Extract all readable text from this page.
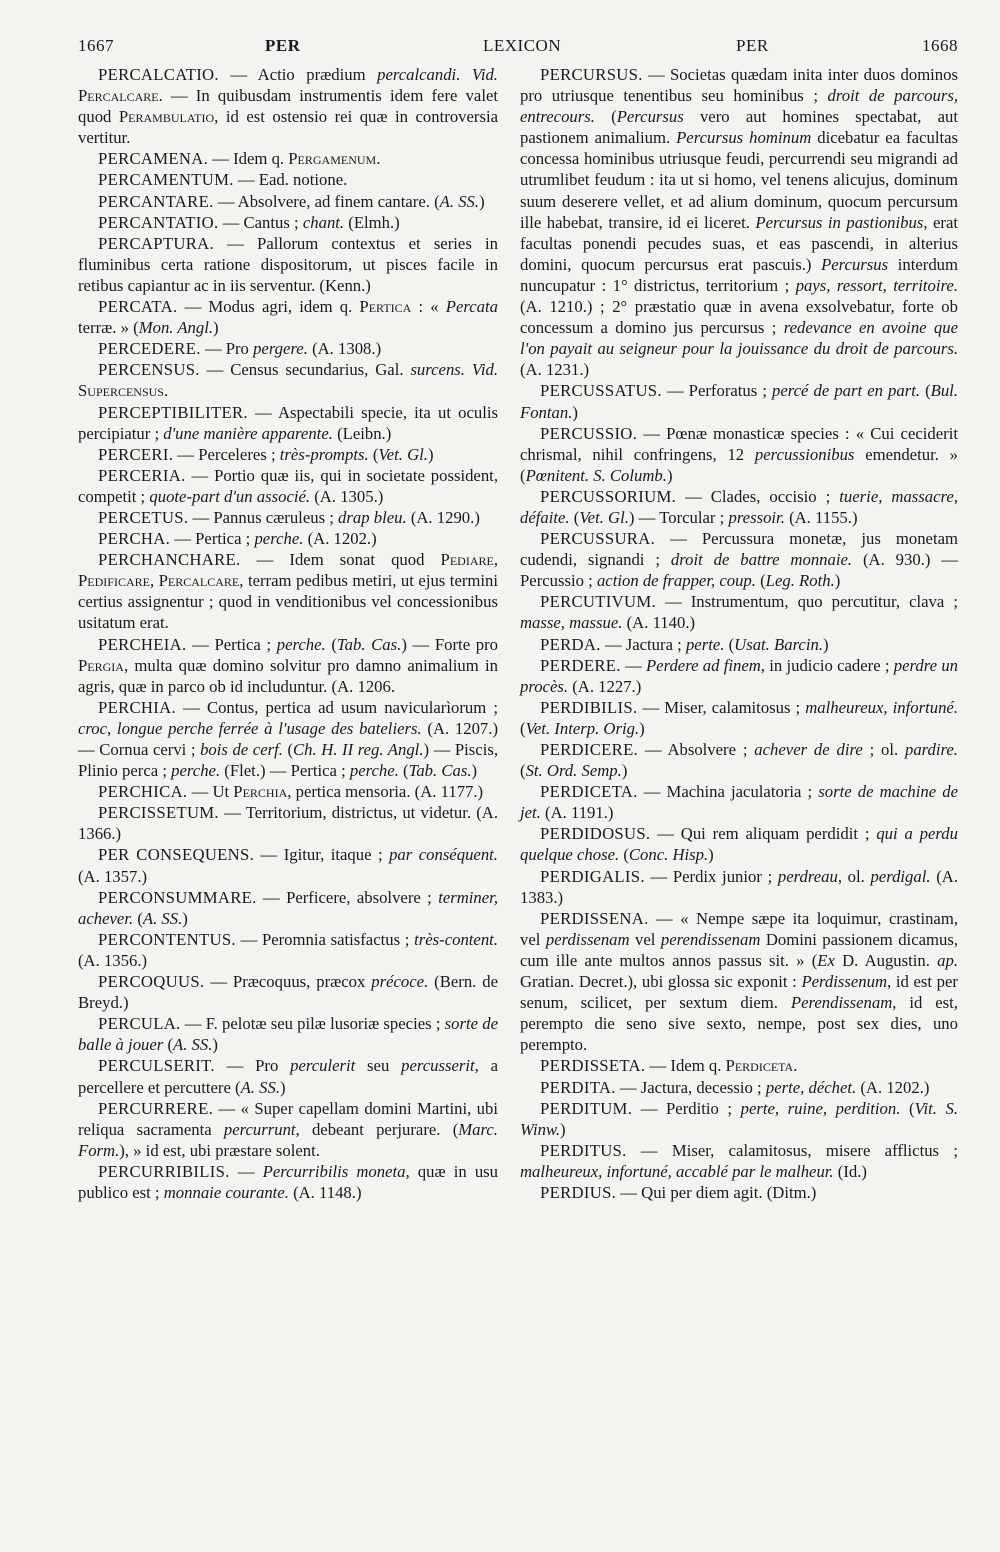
1667	PER	LEXICON	PER	1668

PERCALCATIO. — Actio prædium percalcandi. Vid. Percalcare. — In quibusdam instrumentis idem fere valet quod Perambulatio, id est ostensio rei quæ in controversia vertitur.

PERCAMENA. — Idem q. Pergamenum.

PERCAMENTUM. — Ead. notione.

PERCANTARE. — Absolvere, ad finem cantare. (A. SS.)

PERCANTATIO. — Cantus ; chant. (Elmh.)

PERCAPTURA. — Pallorum contextus et series in fluminibus certa ratione dispositorum, ut pisces facile in retibus capiantur ac in iis serventur. (Kenn.)

PERCATA. — Modus agri, idem q. Pertica : « Percata terræ. » (Mon. Angl.)

PERCEDERE. — Pro pergere. (A. 1308.)

PERCENSUS. — Census secundarius, Gal. surcens. Vid. Supercensus.

PERCEPTIBILITER. — Aspectabili specie, ita ut oculis percipiatur ; d'une manière apparente. (Leibn.)

PERCERI. — Perceleres ; très-prompts. (Vet. Gl.)

PERCERIA. — Portio quæ iis, qui in societate possident, competit ; quote-part d'un associé. (A. 1305.)

PERCETUS. — Pannus cæruleus ; drap bleu. (A. 1290.)

PERCHA. — Pertica ; perche. (A. 1202.)

PERCHANCHARE. — Idem sonat quod Pediare, Pedificare, Percalcare, terram pedibus metiri, ut ejus termini certius assignentur ; quod in venditionibus vel concessionibus usitatum erat.

PERCHEIA. — Pertica ; perche. (Tab. Cas.) — Forte pro Pergia, multa quæ domino solvitur pro damno animalium in agris, quæ in parco ob id includuntur. (A. 1206.

PERCHIA. — Contus, pertica ad usum navicularìorum ; croc, longue perche ferrée à l'usage des bateliers. (A. 1207.) — Cornua cervi ; bois de cerf. (Ch. H. II reg. Angl.) — Piscis, Plinio perca ; perche. (Flet.) — Pertica ; perche. (Tab. Cas.)

PERCHICA. — Ut Perchia, pertica mensoria. (A. 1177.)

PERCISSETUM. — Territorium, districtus, ut videtur. (A. 1366.)

PER CONSEQUENS. — Igitur, itaque ; par conséquent. (A. 1357.)

PERCONSUMMARE. — Perficere, absolvere ; terminer, achever. (A. SS.)

PERCONTENTUS. — Peromnia satisfactus ; très-content. (A. 1356.)

PERCOQUUS. — Præcoquus, præcox précoce. (Bern. de Breyd.)

PERCULA. — F. pelotæ seu pilæ lusoriæ species ; sorte de balle à jouer (A. SS.)

PERCULSERIT. — Pro perculerit seu percusserit, a percellere et percuttere (A. SS.)

PERCURRERE. — « Super capellam domini Martini, ubi reliqua sacramenta percurrunt, debeant perjurare. (Marc. Form.), » id est, ubi præstare solent.

PERCURRIBILIS. — Percurribilis moneta, quæ in usu publico est ; monnaie courante. (A. 1148.)

PERCURSUS. — Societas quædam inita inter duos dominos pro utriusque tenentibus seu hominibus ; droit de parcours, entrecours. (Percursus vero aut homines spectabat, aut pastionem animalium. Percursus hominum dicebatur ea facultas concessa hominibus utriusque feudi, percurrendi seu migrandi ad utrumlibet feudum : ita ut si homo, vel tenens alicujus, dominum suum deserere vellet, et ad alium dominum, quocum percursum ille habebat, transire, id ei liceret. Percursus in pastionibus, erat facultas ponendi pecudes suas, et eas pascendi, in alterius domini, quocum percursus erat pascuis.) Percursus interdum nuncupatur : 1° districtus, territorium ; pays, ressort, territoire. (A. 1210.) ; 2° præstatio quæ in avena exsolvebatur, forte ob concessum a domino jus percursus ; redevance en avoine que l'on payait au seigneur pour la jouissance du droit de parcours. (A. 1231.)

PERCUSSATUS. — Perforatus ; percé de part en part. (Bul. Fontan.)

PERCUSSIO. — Pœnæ monasticæ species : « Cui ceciderit chrismal, nihil confringens, 12 percussionibus emendetur. » (Pœnitent. S. Columb.)

PERCUSSORIUM. — Clades, occisio ; tuerie, massacre, défaite. (Vet. Gl.) — Torcular ; pressoir. (A. 1155.)

PERCUSSURA. — Percussura monetæ, jus monetam cudendi, signandi ; droit de battre monnaie. (A. 930.) — Percussio ; action de frapper, coup. (Leg. Roth.)

PERCUTIVUM. — Instrumentum, quo percutitur, clava ; masse, massue. (A. 1140.)

PERDA. — Jactura ; perte. (Usat. Barcin.)

PERDERE. — Perdere ad finem, in judicio cadere ; perdre un procès. (A. 1227.)

PERDIBILIS. — Miser, calamitosus ; malheureux, infortuné. (Vet. Interp. Orig.)

PERDICERE. — Absolvere ; achever de dire ; ol. pardire. (St. Ord. Semp.)

PERDICETA. — Machina jaculatoria ; sorte de machine de jet. (A. 1191.)

PERDIDOSUS. — Qui rem aliquam perdidit ; qui a perdu quelque chose. (Conc. Hisp.)

PERDIGALIS. — Perdix junior ; perdreau, ol. perdigal. (A. 1383.)

PERDISSENA. — « Nempe sæpe ita loquimur, crastinam, vel perdissenam vel perendissenam Domini passionem dicamus, cum ille ante multos annos passus sit. » (Ex D. Augustin. ap. Gratian. Decret.), ubi glossa sic exponit : Perdissenum, id est per senum, scilicet, per sextum diem. Perendissenam, id est, perempto die seno sive sexto, nempe, post sex dies, uno perempto.

PERDISSETA. — Idem q. Perdiceta.

PERDITA. — Jactura, decessio ; perte, déchet. (A. 1202.)

PERDITUM. — Perditio ; perte, ruine, perdition. (Vit. S. Winw.)

PERDITUS. — Miser, calamitosus, misere afflictus ; malheureux, infortuné, accablé par le malheur. (Id.)

PERDIUS. — Qui per diem agit. (Ditm.)
